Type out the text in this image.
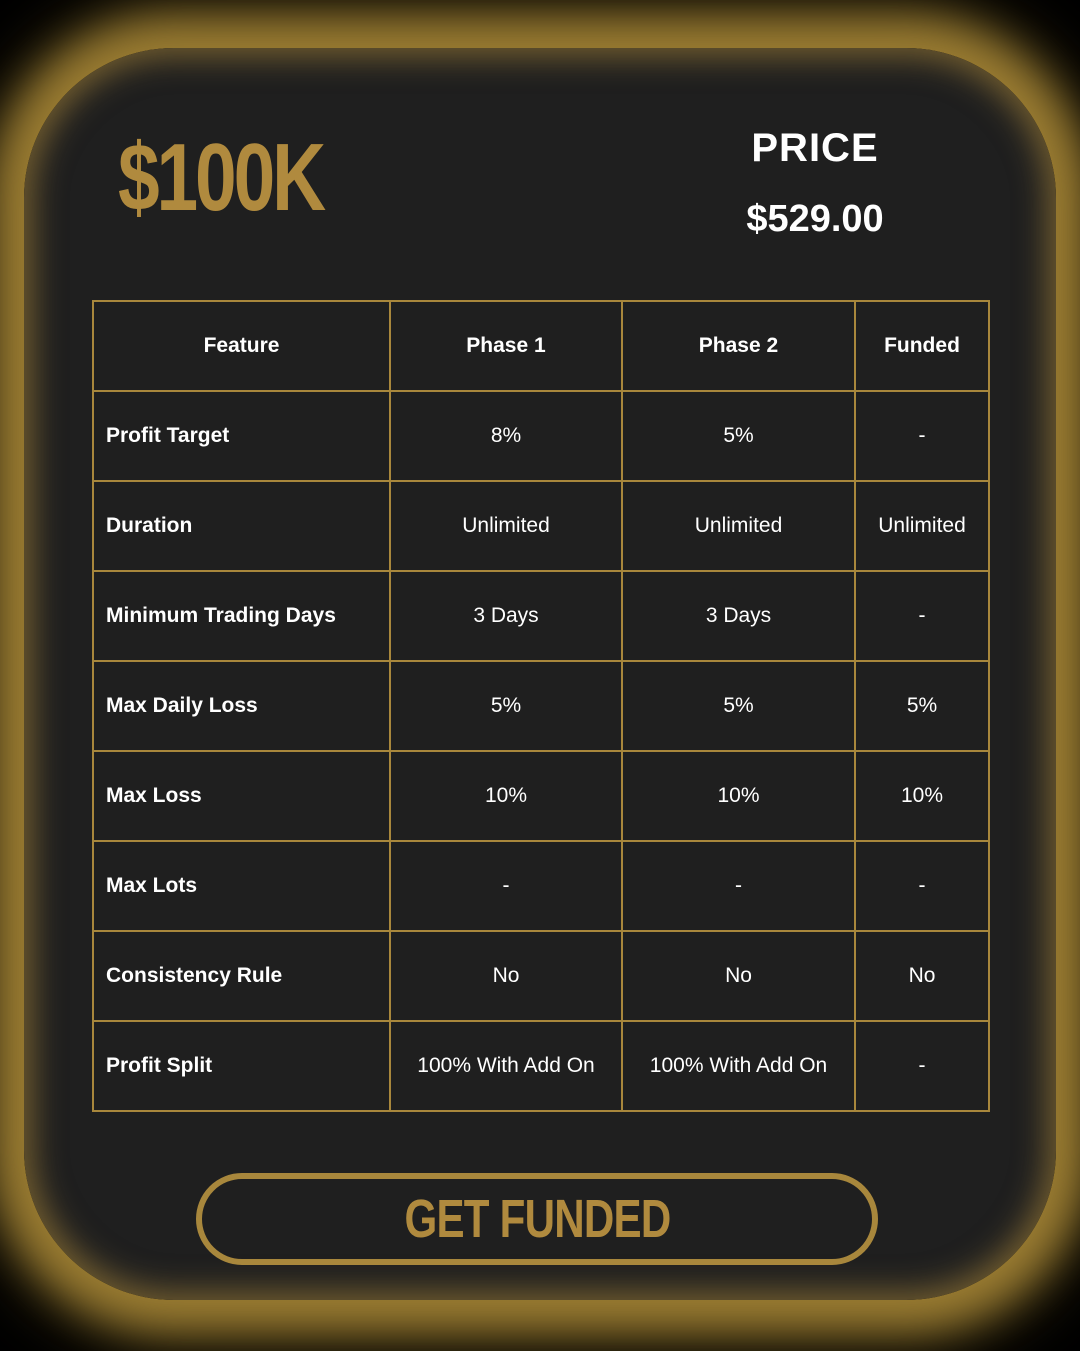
$100K	PRICE
$529.00
Feature	Phase 1	Phase 2	Funded
Profit Target	8%	5%	-
Duration	Unlimited	Unlimited	Unlimited
Minimum Trading Days	3 Days	3 Days	-
Max Daily Loss	5%	5%	5%
Max Loss	10%	10%	10%
Max Lots	-	-	-
Consistency Rule	No	No	No
Profit Split	100% With Add On	100% With Add On	-
GET FUNDED
